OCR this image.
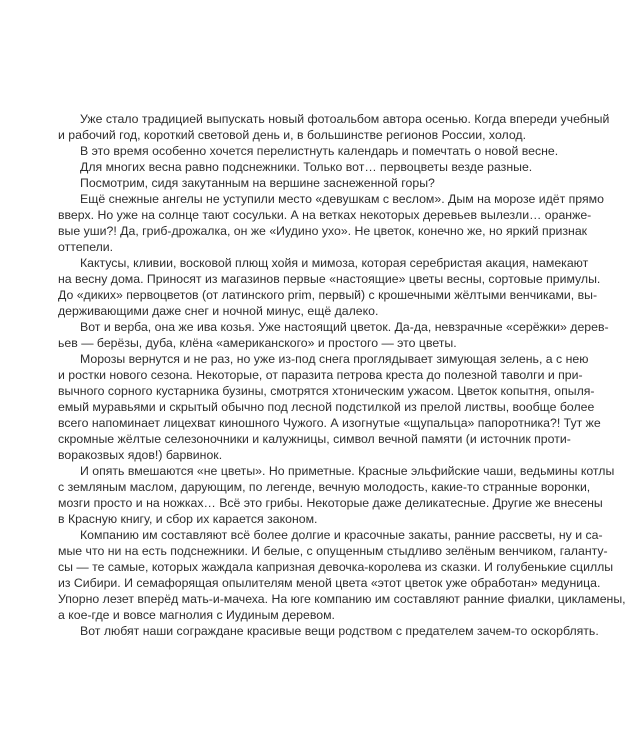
Уже стало традицией выпускать новый фотоальбом автора осенью. Когда впереди учебный
и рабочий год, короткий световой день и, в большинстве регионов России, холод.
В это время особенно хочется перелистнуть календарь и помечтать о новой весне.
Для многих весна равно подснежники. Только вот… первоцветы везде разные.
Посмотрим, сидя закутанным на вершине заснеженной горы?
Ещё снежные ангелы не уступили место «девушкам с веслом». Дым на морозе идёт прямо
вверх. Но уже на солнце тают сосульки. А на ветках некоторых деревьев вылезли… оранже-
вые уши?! Да, гриб-дрожалка, он же «Иудино ухо». Не цветок, конечно же, но яркий признак
оттепели.
Кактусы, кливии, восковой плющ хойя и мимоза, которая серебристая акация, намекают
на весну дома. Приносят из магазинов первые «настоящие» цветы весны, сортовые примулы.
До «диких» первоцветов (от латинского prim, первый) с крошечными жёлтыми венчиками, вы-
держивающими даже снег и ночной минус, ещё далеко.
Вот и верба, она же ива козья. Уже настоящий цветок. Да-да, невзрачные «серёжки» дерев-
ьев — берёзы, дуба, клёна «американского» и простого — это цветы.
Морозы вернутся и не раз, но уже из-под снега проглядывает зимующая зелень, а с нею
и ростки нового сезона. Некоторые, от паразита петрова креста до полезной таволги и при-
вычного сорного кустарника бузины, смотрятся хтоническим ужасом. Цветок копытня, опыля-
емый муравьями и скрытый обычно под лесной подстилкой из прелой листвы, вообще более
всего напоминает лицехват киношного Чужого. А изогнутые «щупальца» папоротника?! Тут же
скромные жёлтые селезоночники и калужницы, символ вечной памяти (и источник проти-
воракозвых ядов!) барвинок.
И опять вмешаются «не цветы». Но приметные. Красные эльфийские чаши, ведьмины котлы
с земляным маслом, дарующим, по легенде, вечную молодость, какие-то странные воронки,
мозги просто и на ножках… Всё это грибы. Некоторые даже деликатесные. Другие же внесены
в Красную книгу, и сбор их карается законом.
Компанию им составляют всё более долгие и красочные закаты, ранние рассветы, ну и са-
мые что ни на есть подснежники. И белые, с опущенным стыдливо зелёным венчиком, галанту-
сы — те самые, которых жаждала капризная девочка-королева из сказки. И голубенькие сциллы
из Сибири. И семафорящая опылителям меной цвета «этот цветок уже обработан» медуница.
Упорно лезет вперёд мать-и-мачеха. На юге компанию им составляют ранние фиалки, цикламены,
а кое-где и вовсе магнолия с Иудиным деревом.
Вот любят наши сограждане красивые вещи родством с предателем зачем-то оскорблять.
